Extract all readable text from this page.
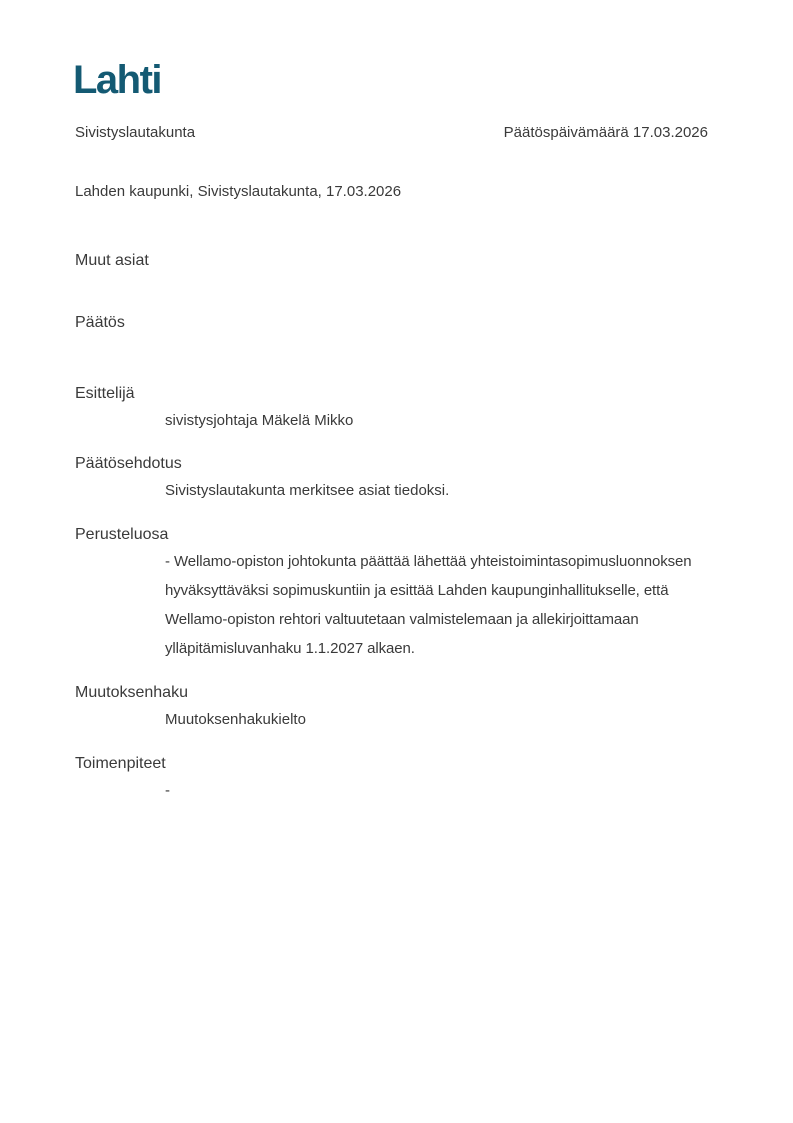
Lahti
Sivistyslautakunta	Päätöspäivämäärä 17.03.2026
Lahden kaupunki, Sivistyslautakunta, 17.03.2026
Muut asiat
Päätös
Esittelijä
sivistysjohtaja Mäkelä Mikko
Päätösehdotus
Sivistyslautakunta merkitsee asiat tiedoksi.
Perusteluosa
- Wellamo-opiston johtokunta päättää lähettää yhteistoimintasopimusluonnoksen
hyväksyttäväksi sopimuskuntiin ja esittää Lahden kaupunginhallitukselle, että
Wellamo-opiston rehtori valtuutetaan valmistelemaan ja allekirjoittamaan
ylläpitämisluvanhaku 1.1.2027 alkaen.
Muutoksenhaku
Muutoksenhakukielto
Toimenpiteet
-
